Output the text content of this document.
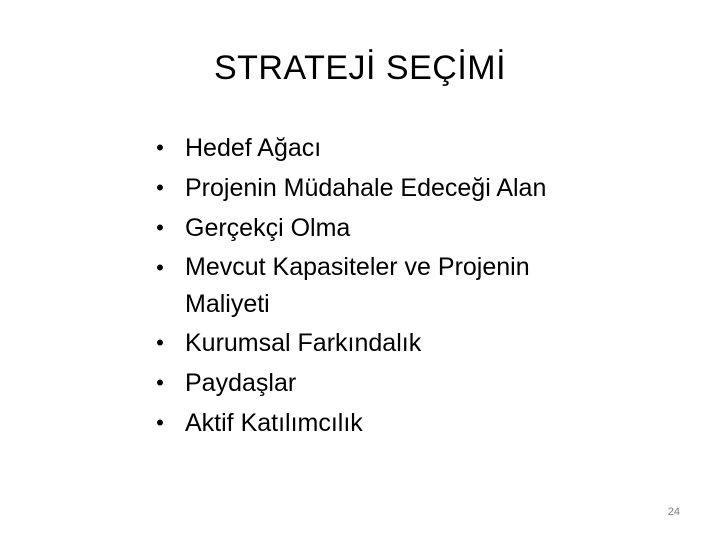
STRATEJİ SEÇİMİ
• Hedef Ağacı
• Projenin Müdahale Edeceği Alan
• Gerçekçi Olma
• Mevcut Kapasiteler ve Projenin Maliyeti
• Kurumsal Farkındalık
• Paydaşlar
• Aktif Katılımcılık
24
